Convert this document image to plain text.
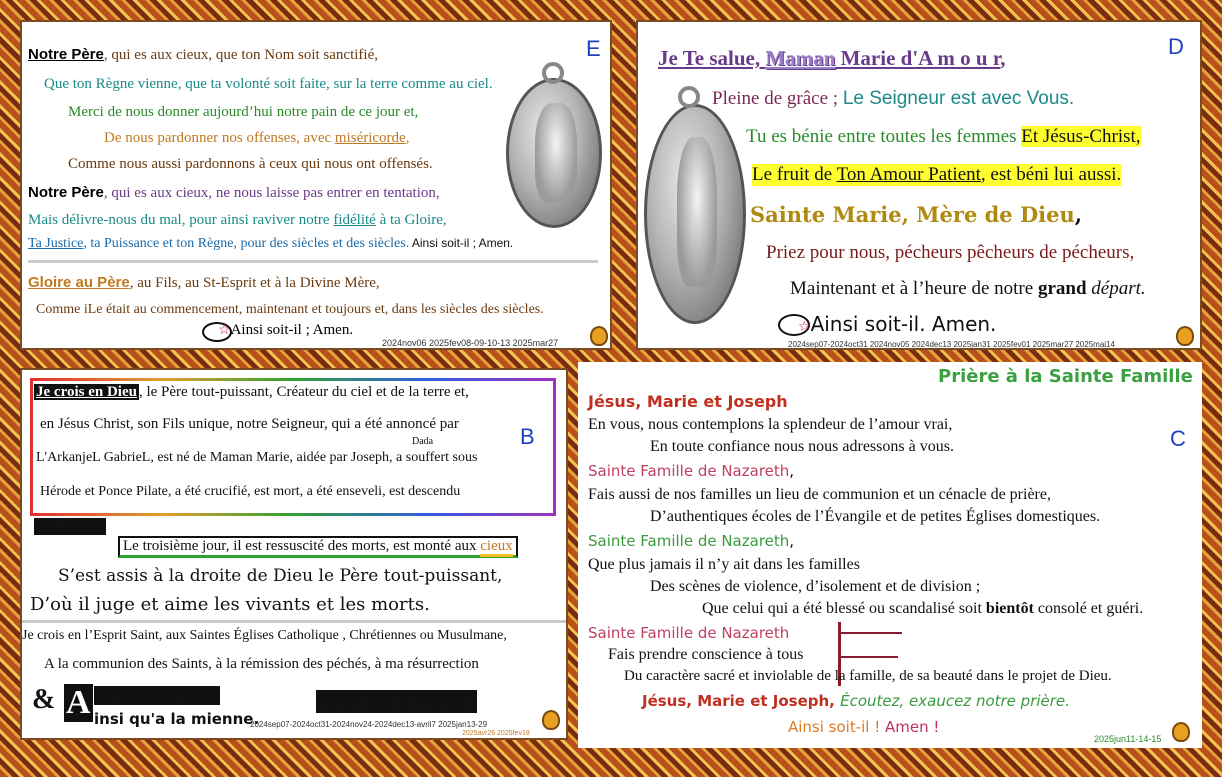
E
Notre Père, qui es aux cieux, que ton Nom soit sanctifié,
Que ton Règne vienne, que ta volonté soit faite, sur la terre comme au ciel.
Merci de nous donner aujourd’hui notre pain de ce jour et,
De nous pardonner nos offenses, avec miséricorde,
Comme nous aussi pardonnons à ceux qui nous ont offensés.
Notre Père, qui es aux cieux, ne nous laisse pas entrer en tentation,
Mais délivre-nous du mal, pour ainsi raviver notre fidélité à ta Gloire,
Ta Justice, ta Puissance et ton Règne, pour des siècles et des siècles. Ainsi soit-il ; Amen.
Gloire au Père, au Fils, au St-Esprit et à la Divine Mère,
Comme iLe était au commencement, maintenant et toujours et, dans les siècles des siècles.
☆Ainsi soit-il ; Amen.
2024nov06 2025fev08-09-10-13 2025mar27
D
Je Te salue, Maman Marie d'A m o u r,
Pleine de grâce ; Le Seigneur est avec Vous.
Tu es bénie entre toutes les femmes Et Jésus-Christ,
Le fruit de Ton Amour Patient, est béni lui aussi.
Sainte Marie, Mère de Dieu,
Priez pour nous, pécheurs pêcheurs de pécheurs,
Maintenant et à l’heure de notre grand départ.
☆Ainsi soit-il. Amen.
2024sep07-2024oct31 2024nov05 2024dec13 2025jan31 2025fev01 2025mar27 2025mai14
B
Je crois en Dieu , le Père tout-puissant, Créateur du ciel et de la terre et,
en Jésus Christ, son Fils unique, notre Seigneur, qui a été annoncé par
Dada
L'ArkanjeL GabrieL, est né de Maman Marie, aidée par Joseph, a souffert sous
Hérode et Ponce Pilate, a été crucifié, est mort, a été enseveli, est descendu
aux enfers.
Le troisième jour, il est ressuscité des morts, est monté aux cieux
S’est assis à la droite de Dieu le Père tout-puissant,
D’où il juge et aime les vivants et les morts.
Je crois en l’Esprit Saint, aux Saintes Églises Catholique , Chrétiennes ou Musulmane,
A la communion des Saints, à la rémission des péchés, à ma résurrection
& A la Vie éternelle
insi qu'a la mienne.
Ainsi soit-il. Amen.
2024sep07-2024oct31-2024nov24-2024dec13-avril7 2025jan13-29
2025avr26 2025fev18
Prière à la Sainte Famille
C
Jésus, Marie et Joseph
En vous, nous contemplons la splendeur de l’amour vrai,
En toute confiance nous nous adressons à vous.
Sainte Famille de Nazareth,
Fais aussi de nos familles un lieu de communion et un cénacle de prière,
D’authentiques écoles de l’Évangile et de petites Églises domestiques.
Sainte Famille de Nazareth,
Que plus jamais il n’y ait dans les familles
Des scènes de violence, d’isolement et de division ;
Que celui qui a été blessé ou scandalisé soit bientôt consolé et guéri.
Sainte Famille de Nazareth
Fais prendre conscience à tous
Du caractère sacré et inviolable de la famille, de sa beauté dans le projet de Dieu.
Jésus, Marie et Joseph, Écoutez, exaucez notre prière.
Ainsi soit-il ! Amen !
2025jun11-14-15
